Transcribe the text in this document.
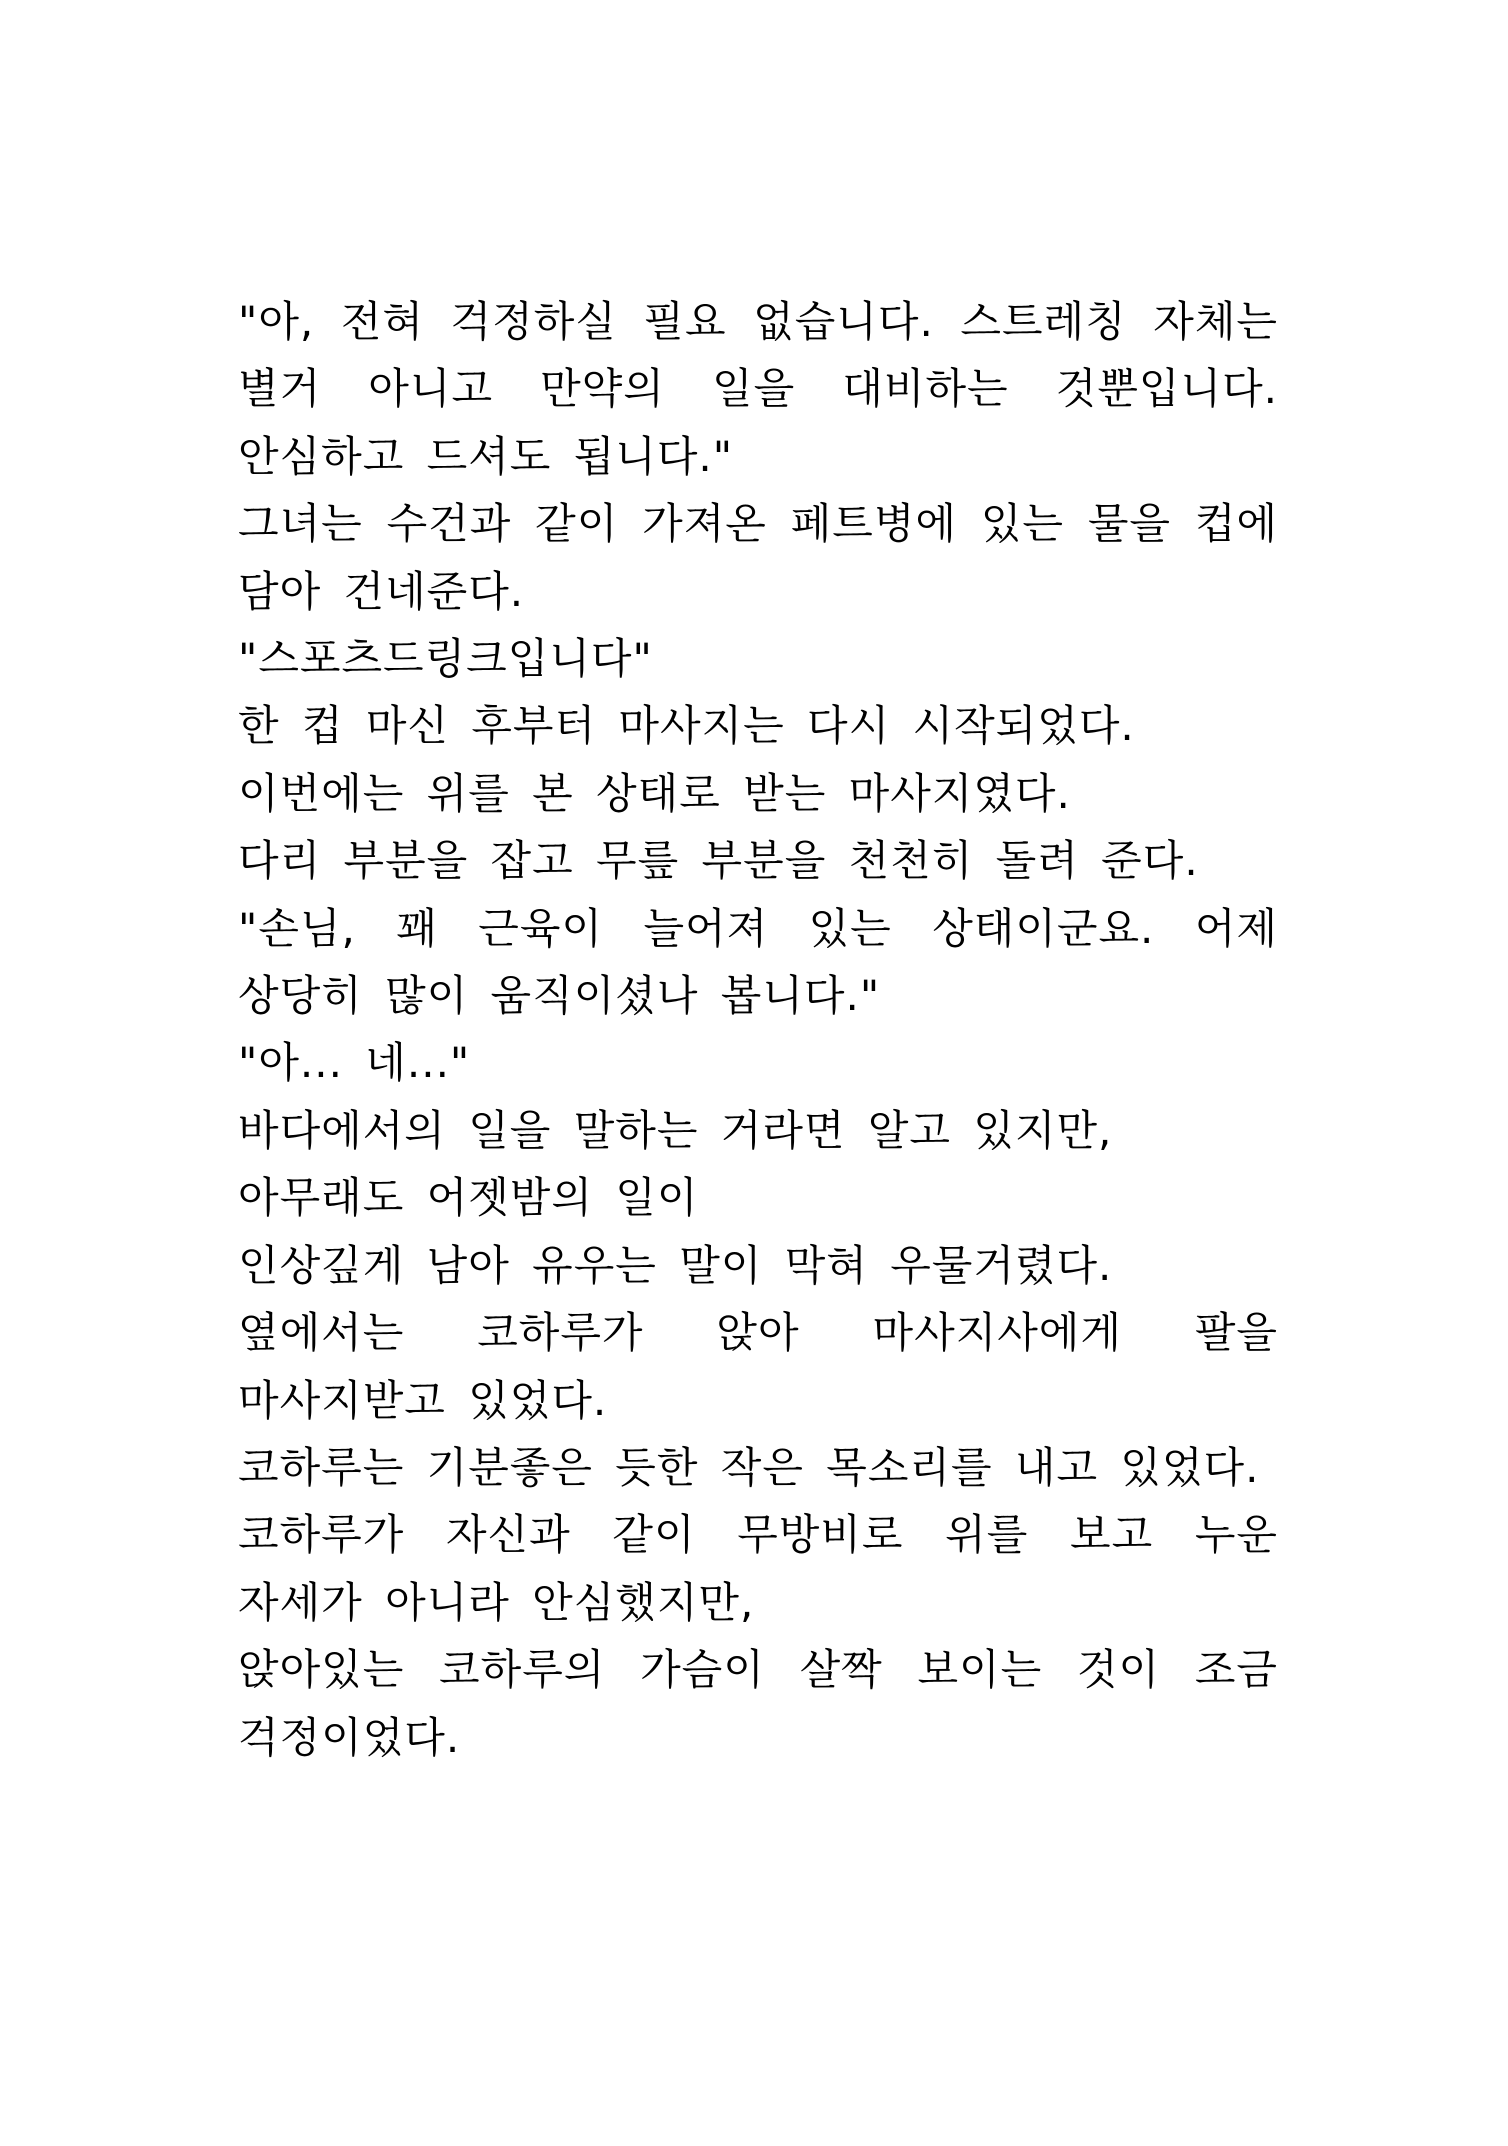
"아, 전혀 걱정하실 필요 없습니다. 스트레칭 자체는 별거 아니고 만약의 일을 대비하는 것뿐입니다. 안심하고 드셔도 됩니다."

그녀는 수건과 같이 가져온 페트병에 있는 물을 컵에 담아 건네준다.

"스포츠드링크입니다"

한 컵 마신 후부터 마사지는 다시 시작되었다.

이번에는 위를 본 상태로 받는 마사지였다.

다리 부분을 잡고 무릎 부분을 천천히 돌려 준다.

"손님, 꽤 근육이 늘어져 있는 상태이군요. 어제 상당히 많이 움직이셨나 봅니다."

"아... 네..."

바다에서의 일을 말하는 거라면 알고 있지만,

아무래도 어젯밤의 일이

인상깊게 남아 유우는 말이 막혀 우물거렸다.

옆에서는 코하루가 앉아 마사지사에게 팔을 마사지받고 있었다.

코하루는 기분좋은 듯한 작은 목소리를 내고 있었다.

코하루가 자신과 같이 무방비로 위를 보고 누운 자세가 아니라 안심했지만,

앉아있는 코하루의 가슴이 살짝 보이는 것이 조금 걱정이었다.
